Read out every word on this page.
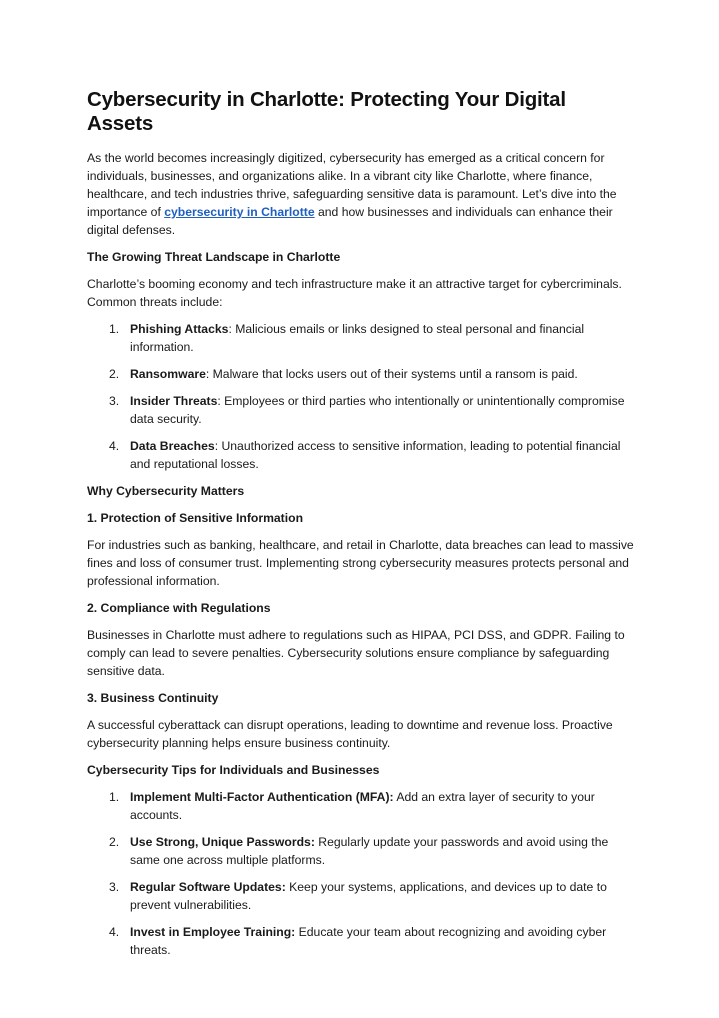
Cybersecurity in Charlotte: Protecting Your Digital Assets

As the world becomes increasingly digitized, cybersecurity has emerged as a critical concern for individuals, businesses, and organizations alike. In a vibrant city like Charlotte, where finance, healthcare, and tech industries thrive, safeguarding sensitive data is paramount. Let’s dive into the importance of cybersecurity in Charlotte and how businesses and individuals can enhance their digital defenses.

The Growing Threat Landscape in Charlotte

Charlotte’s booming economy and tech infrastructure make it an attractive target for cybercriminals. Common threats include:

1. Phishing Attacks: Malicious emails or links designed to steal personal and financial information.
2. Ransomware: Malware that locks users out of their systems until a ransom is paid.
3. Insider Threats: Employees or third parties who intentionally or unintentionally compromise data security.
4. Data Breaches: Unauthorized access to sensitive information, leading to potential financial and reputational losses.
Why Cybersecurity Matters
1. Protection of Sensitive Information

For industries such as banking, healthcare, and retail in Charlotte, data breaches can lead to massive fines and loss of consumer trust. Implementing strong cybersecurity measures protects personal and professional information.

2. Compliance with Regulations

Businesses in Charlotte must adhere to regulations such as HIPAA, PCI DSS, and GDPR. Failing to comply can lead to severe penalties. Cybersecurity solutions ensure compliance by safeguarding sensitive data.

3. Business Continuity

A successful cyberattack can disrupt operations, leading to downtime and revenue loss. Proactive cybersecurity planning helps ensure business continuity.

Cybersecurity Tips for Individuals and Businesses
1. Implement Multi-Factor Authentication (MFA): Add an extra layer of security to your accounts.
2. Use Strong, Unique Passwords: Regularly update your passwords and avoid using the same one across multiple platforms.
3. Regular Software Updates: Keep your systems, applications, and devices up to date to prevent vulnerabilities.
4. Invest in Employee Training: Educate your team about recognizing and avoiding cyber threats.
